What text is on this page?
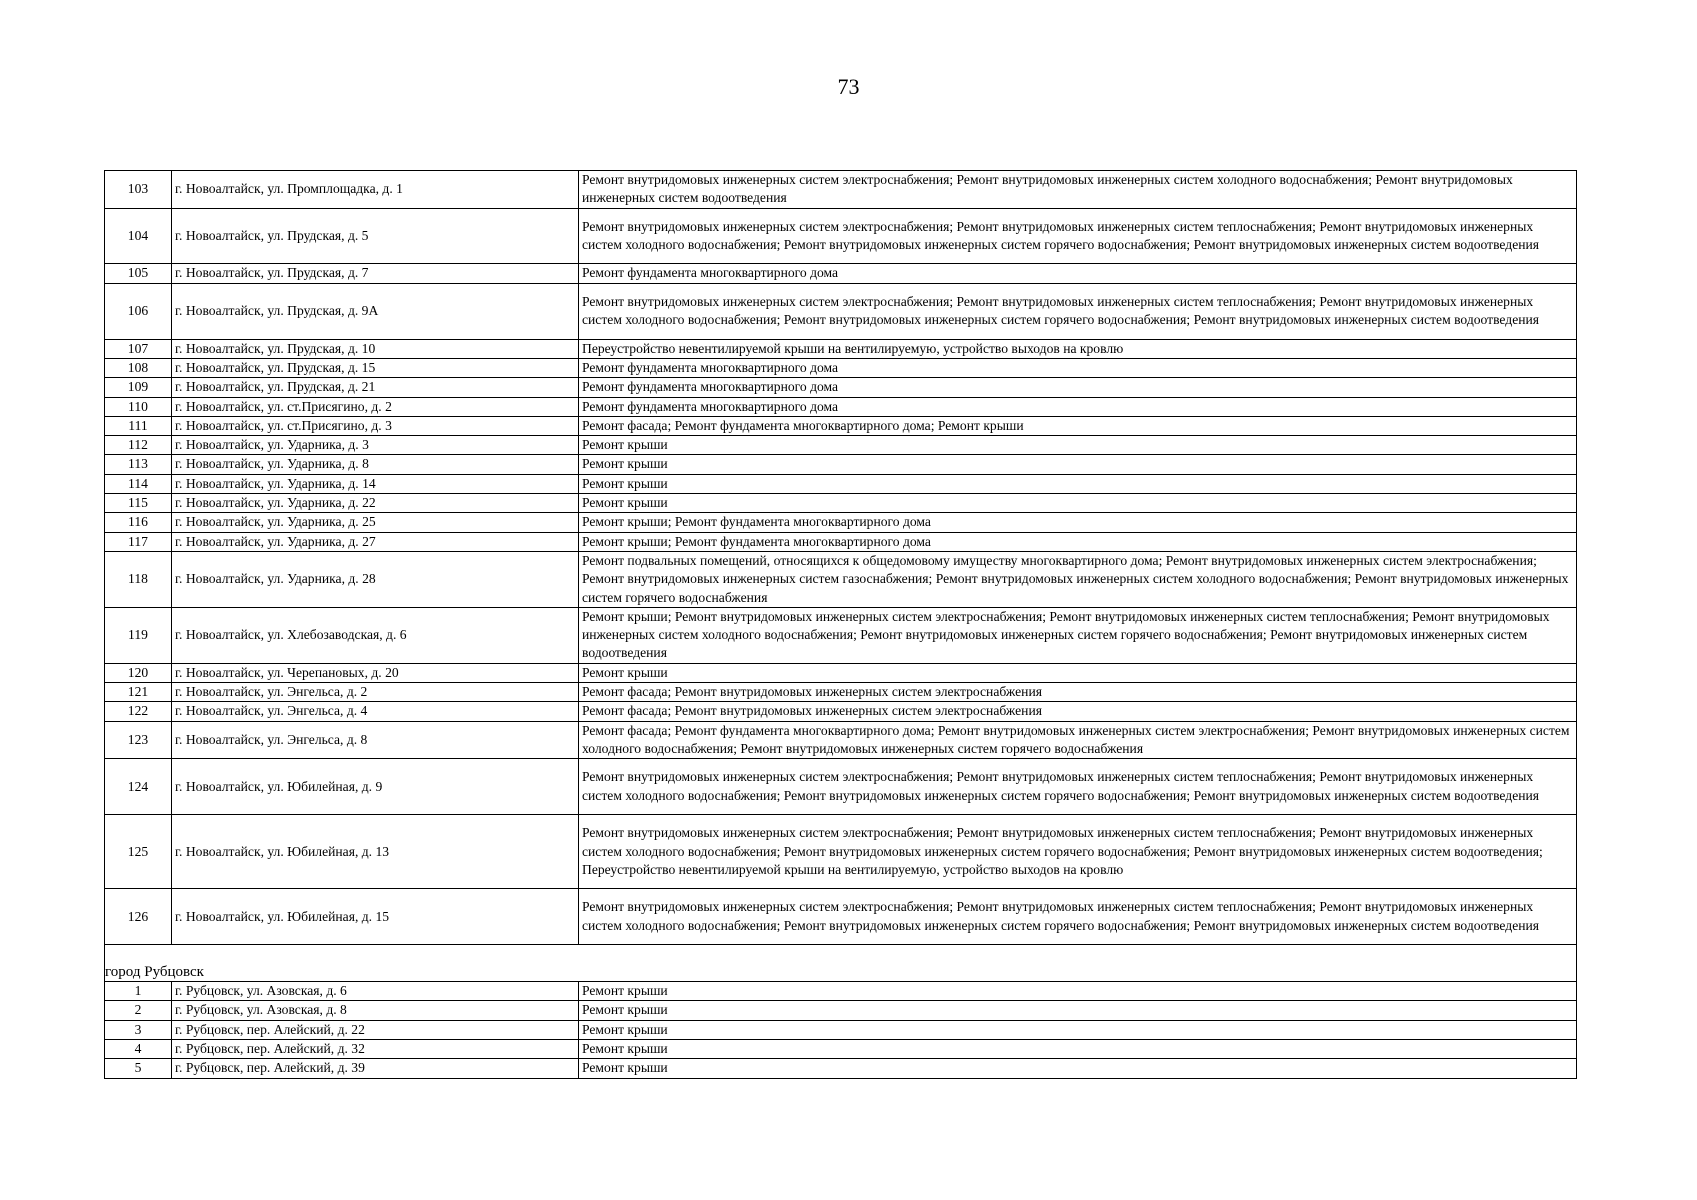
73
103	г. Новоалтайск, ул. Промплощадка, д. 1	Ремонт внутридомовых инженерных систем электроснабжения; Ремонт внутридомовых инженерных систем холодного водоснабжения; Ремонт внутридомовых инженерных систем водоотведения
104	г. Новоалтайск, ул. Прудская, д. 5	Ремонт внутридомовых инженерных систем электроснабжения; Ремонт внутридомовых инженерных систем теплоснабжения; Ремонт внутридомовых инженерных систем холодного водоснабжения; Ремонт внутридомовых инженерных систем горячего водоснабжения; Ремонт внутридомовых инженерных систем водоотведения
105	г. Новоалтайск, ул. Прудская, д. 7	Ремонт фундамента многоквартирного дома
106	г. Новоалтайск, ул. Прудская, д. 9А	Ремонт внутридомовых инженерных систем электроснабжения; Ремонт внутридомовых инженерных систем теплоснабжения; Ремонт внутридомовых инженерных систем холодного водоснабжения; Ремонт внутридомовых инженерных систем горячего водоснабжения; Ремонт внутридомовых инженерных систем водоотведения
107	г. Новоалтайск, ул. Прудская, д. 10	Переустройство невентилируемой крыши на вентилируемую, устройство выходов на кровлю
108	г. Новоалтайск, ул. Прудская, д. 15	Ремонт фундамента многоквартирного дома
109	г. Новоалтайск, ул. Прудская, д. 21	Ремонт фундамента многоквартирного дома
110	г. Новоалтайск, ул. ст.Присягино, д. 2	Ремонт фундамента многоквартирного дома
111	г. Новоалтайск, ул. ст.Присягино, д. 3	Ремонт фасада; Ремонт фундамента многоквартирного дома; Ремонт крыши
112	г. Новоалтайск, ул. Ударника, д. 3	Ремонт крыши
113	г. Новоалтайск, ул. Ударника, д. 8	Ремонт крыши
114	г. Новоалтайск, ул. Ударника, д. 14	Ремонт крыши
115	г. Новоалтайск, ул. Ударника, д. 22	Ремонт крыши
116	г. Новоалтайск, ул. Ударника, д. 25	Ремонт крыши; Ремонт фундамента многоквартирного дома
117	г. Новоалтайск, ул. Ударника, д. 27	Ремонт крыши; Ремонт фундамента многоквартирного дома
118	г. Новоалтайск, ул. Ударника, д. 28	Ремонт подвальных помещений, относящихся к общедомовому имуществу многоквартирного дома; Ремонт внутридомовых инженерных систем электроснабжения; Ремонт внутридомовых инженерных систем газоснабжения; Ремонт внутридомовых инженерных систем холодного водоснабжения; Ремонт внутридомовых инженерных систем горячего водоснабжения
119	г. Новоалтайск, ул. Хлебозаводская, д. 6	Ремонт крыши; Ремонт внутридомовых инженерных систем электроснабжения; Ремонт внутридомовых инженерных систем теплоснабжения; Ремонт внутридомовых инженерных систем холодного водоснабжения; Ремонт внутридомовых инженерных систем горячего водоснабжения; Ремонт внутридомовых инженерных систем водоотведения
120	г. Новоалтайск, ул. Черепановых, д. 20	Ремонт крыши
121	г. Новоалтайск, ул. Энгельса, д. 2	Ремонт фасада; Ремонт внутридомовых инженерных систем электроснабжения
122	г. Новоалтайск, ул. Энгельса, д. 4	Ремонт фасада; Ремонт внутридомовых инженерных систем электроснабжения
123	г. Новоалтайск, ул. Энгельса, д. 8	Ремонт фасада; Ремонт фундамента многоквартирного дома; Ремонт внутридомовых инженерных систем электроснабжения; Ремонт внутридомовых инженерных систем холодного водоснабжения; Ремонт внутридомовых инженерных систем горячего водоснабжения
124	г. Новоалтайск, ул. Юбилейная, д. 9	Ремонт внутридомовых инженерных систем электроснабжения; Ремонт внутридомовых инженерных систем теплоснабжения; Ремонт внутридомовых инженерных систем холодного водоснабжения; Ремонт внутридомовых инженерных систем горячего водоснабжения; Ремонт внутридомовых инженерных систем водоотведения
125	г. Новоалтайск, ул. Юбилейная, д. 13	Ремонт внутридомовых инженерных систем электроснабжения; Ремонт внутридомовых инженерных систем теплоснабжения; Ремонт внутридомовых инженерных систем холодного водоснабжения; Ремонт внутридомовых инженерных систем горячего водоснабжения; Ремонт внутридомовых инженерных систем водоотведения; Переустройство невентилируемой крыши на вентилируемую, устройство выходов на кровлю
126	г. Новоалтайск, ул. Юбилейная, д. 15	Ремонт внутридомовых инженерных систем электроснабжения; Ремонт внутридомовых инженерных систем теплоснабжения; Ремонт внутридомовых инженерных систем холодного водоснабжения; Ремонт внутридомовых инженерных систем горячего водоснабжения; Ремонт внутридомовых инженерных систем водоотведения
город Рубцовск		
1	г. Рубцовск, ул. Азовская, д. 6	Ремонт крыши
2	г. Рубцовск, ул. Азовская, д. 8	Ремонт крыши
3	г. Рубцовск, пер. Алейский, д. 22	Ремонт крыши
4	г. Рубцовск, пер. Алейский, д. 32	Ремонт крыши
5	г. Рубцовск, пер. Алейский, д. 39	Ремонт крыши
